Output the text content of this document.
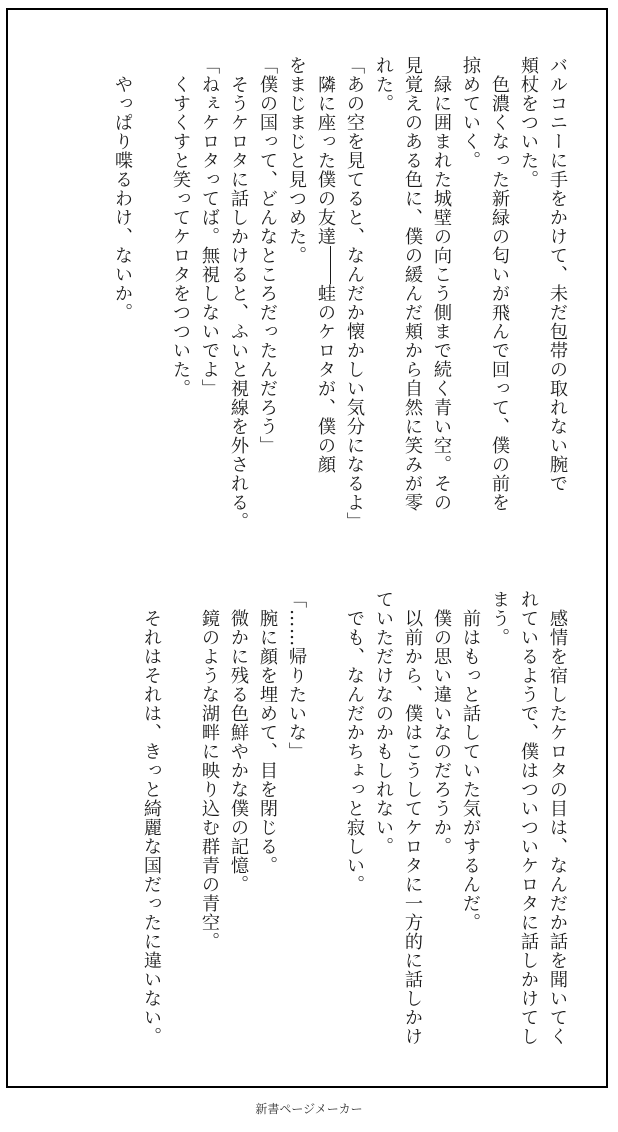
バルコニーに手をかけて、未だ包帯の取れない腕で
頬杖をついた。
　色濃くなった新緑の匂いが飛んで回って、僕の前を
掠めていく。
　緑に囲まれた城壁の向こう側まで続く青い空。その
見覚えのある色に、僕の緩んだ頬から自然に笑みが零
れた。
「あの空を見てると、なんだか懐かしい気分になるよ」
　隣に座った僕の友達蛙のケロタが、僕の顔
をまじまじと見つめた。
「僕の国って、どんなところだったんだろう」
　そうケロタに話しかけると、ふいと視線を外される。
「ねぇケロタってば。無視しないでよ」
　くすくすと笑ってケロタをつついた。
　やっぱり喋るわけ、ないか。
　感情を宿したケロタの目は、なんだか話を聞いてく
れているようで、僕はついついケロタに話しかけてし
まう。
　前はもっと話していた気がするんだ。
　僕の思い違いなのだろうか。
　以前から、僕はこうしてケロタに一方的に話しかけ
ていただけなのかもしれない。
　でも、なんだかちょっと寂しい。
「……帰りたいな」
　腕に顔を埋めて、目を閉じる。
　微かに残る色鮮やかな僕の記憶。
　鏡のような湖畔に映り込む群青の青空。
　それはそれは、きっと綺麗な国だったに違いない。
新書ページメーカー
